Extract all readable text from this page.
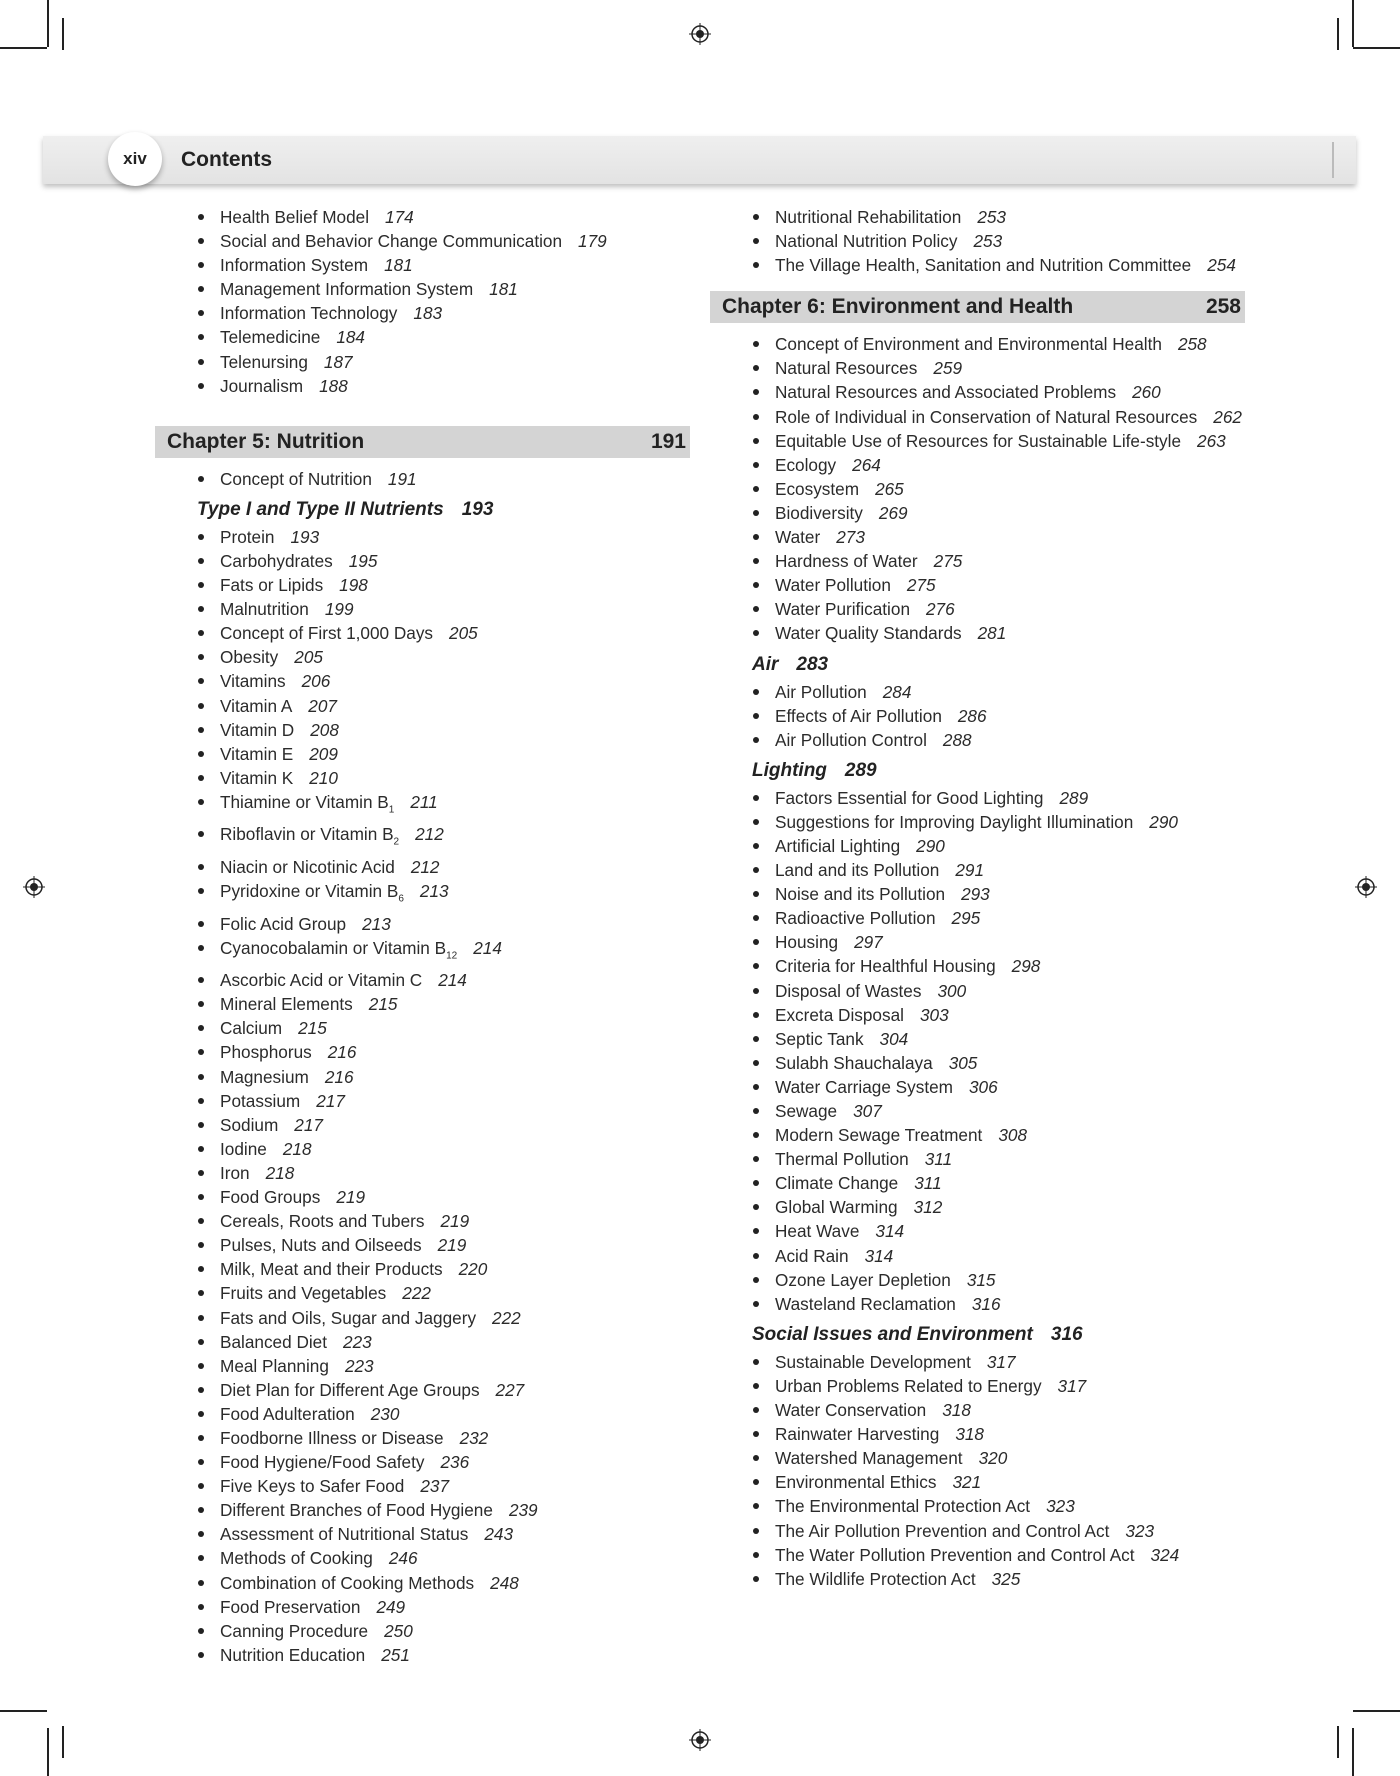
xiv	Contents
Health Belief Model 174
Social and Behavior Change Communication 179
Information System 181
Management Information System 181
Information Technology 183
Telemedicine 184
Telenursing 187
Journalism 188
Chapter 5: Nutrition	191
Concept of Nutrition 191
Type I and Type II Nutrients 193
Protein 193
Carbohydrates 195
Fats or Lipids 198
Malnutrition 199
Concept of First 1,000 Days 205
Obesity 205
Vitamins 206
Vitamin A 207
Vitamin D 208
Vitamin E 209
Vitamin K 210
Thiamine or Vitamin $B_1$ 211
Riboflavin or Vitamin $B_2$ 212
Niacin or Nicotinic Acid 212
Pyridoxine or Vitamin $B_6$ 213
Folic Acid Group 213
Cyanocobalamin or Vitamin $B_{12}$ 214
Ascorbic Acid or Vitamin C 214
Mineral Elements 215
Calcium 215
Phosphorus 216
Magnesium 216
Potassium 217
Sodium 217
Iodine 218
Iron 218
Food Groups 219
Cereals, Roots and Tubers 219
Pulses, Nuts and Oilseeds 219
Milk, Meat and their Products 220
Fruits and Vegetables 222
Fats and Oils, Sugar and Jaggery 222
Balanced Diet 223
Meal Planning 223
Diet Plan for Different Age Groups 227
Food Adulteration 230
Foodborne Illness or Disease 232
Food Hygiene/Food Safety 236
Five Keys to Safer Food 237
Different Branches of Food Hygiene 239
Assessment of Nutritional Status 243
Methods of Cooking 246
Combination of Cooking Methods 248
Food Preservation 249
Canning Procedure 250
Nutrition Education 251
Nutritional Rehabilitation 253
National Nutrition Policy 253
The Village Health, Sanitation and Nutrition Committee 254
Chapter 6: Environment and Health	258
Concept of Environment and Environmental Health 258
Natural Resources 259
Natural Resources and Associated Problems 260
Role of Individual in Conservation of Natural Resources 262
Equitable Use of Resources for Sustainable Life-style 263
Ecology 264
Ecosystem 265
Biodiversity 269
Water 273
Hardness of Water 275
Water Pollution 275
Water Purification 276
Water Quality Standards 281
Air 283
Air Pollution 284
Effects of Air Pollution 286
Air Pollution Control 288
Lighting 289
Factors Essential for Good Lighting 289
Suggestions for Improving Daylight Illumination 290
Artificial Lighting 290
Land and its Pollution 291
Noise and its Pollution 293
Radioactive Pollution 295
Housing 297
Criteria for Healthful Housing 298
Disposal of Wastes 300
Excreta Disposal 303
Septic Tank 304
Sulabh Shauchalaya 305
Water Carriage System 306
Sewage 307
Modern Sewage Treatment 308
Thermal Pollution 311
Climate Change 311
Global Warming 312
Heat Wave 314
Acid Rain 314
Ozone Layer Depletion 315
Wasteland Reclamation 316
Social Issues and Environment 316
Sustainable Development 317
Urban Problems Related to Energy 317
Water Conservation 318
Rainwater Harvesting 318
Watershed Management 320
Environmental Ethics 321
The Environmental Protection Act 323
The Air Pollution Prevention and Control Act 323
The Water Pollution Prevention and Control Act 324
The Wildlife Protection Act 325
